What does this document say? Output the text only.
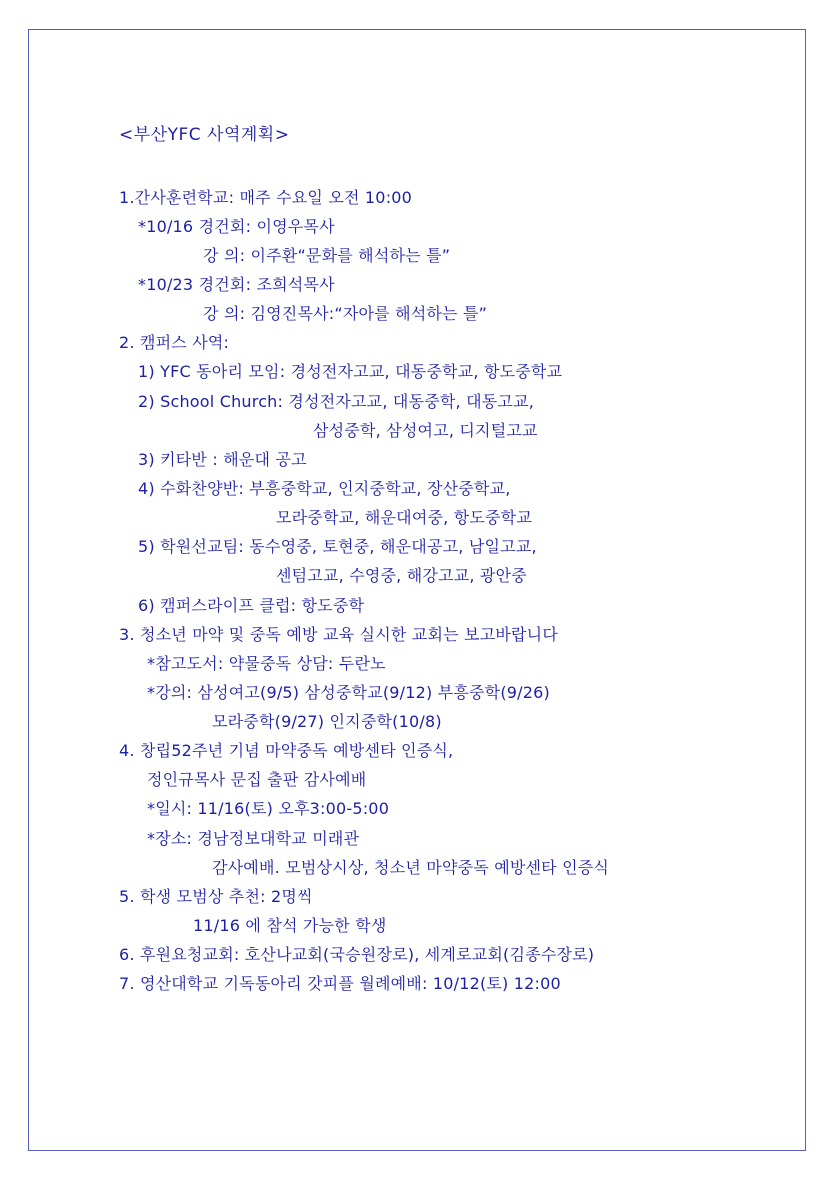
<부산YFC 사역계획>
1.간사훈련학교: 매주 수요일 오전 10:00
*10/16 경건회: 이영우목사
강 의: 이주환“문화를 해석하는 틀”
*10/23 경건회: 조희석목사
강 의: 김영진목사:“자아를 해석하는 틀”
2. 캠퍼스 사역:
1) YFC 동아리 모임: 경성전자고교, 대동중학교, 항도중학교
2) School Church: 경성전자고교, 대동중학, 대동고교,
삼성중학, 삼성여고, 디지털고교
3) 키타반 : 해운대 공고
4) 수화찬양반: 부흥중학교, 인지중학교, 장산중학교,
모라중학교, 해운대여중, 항도중학교
5) 학원선교팀: 동수영중, 토현중, 해운대공고, 남일고교,
센텀고교, 수영중, 해강고교, 광안중
6) 캠퍼스라이프 클럽: 항도중학
3. 청소년 마약 및 중독 예방 교육 실시한 교회는 보고바랍니다
*참고도서: 약물중독 상담: 두란노
*강의: 삼성여고(9/5) 삼성중학교(9/12) 부흥중학(9/26)
모라중학(9/27) 인지중학(10/8)
4. 창립52주년 기념 마약중독 예방센타 인증식,
정인규목사 문집 출판 감사예배
*일시: 11/16(토) 오후3:00-5:00
*장소: 경남정보대학교 미래관
감사예배. 모범상시상, 청소년 마약중독 예방센타 인증식
5. 학생 모범상 추천: 2명씩
11/16 에 참석 가능한 학생
6. 후원요청교회: 호산나교회(국승원장로), 세계로교회(김종수장로)
7. 영산대학교 기독동아리 갓피플 월례예배: 10/12(토) 12:00
